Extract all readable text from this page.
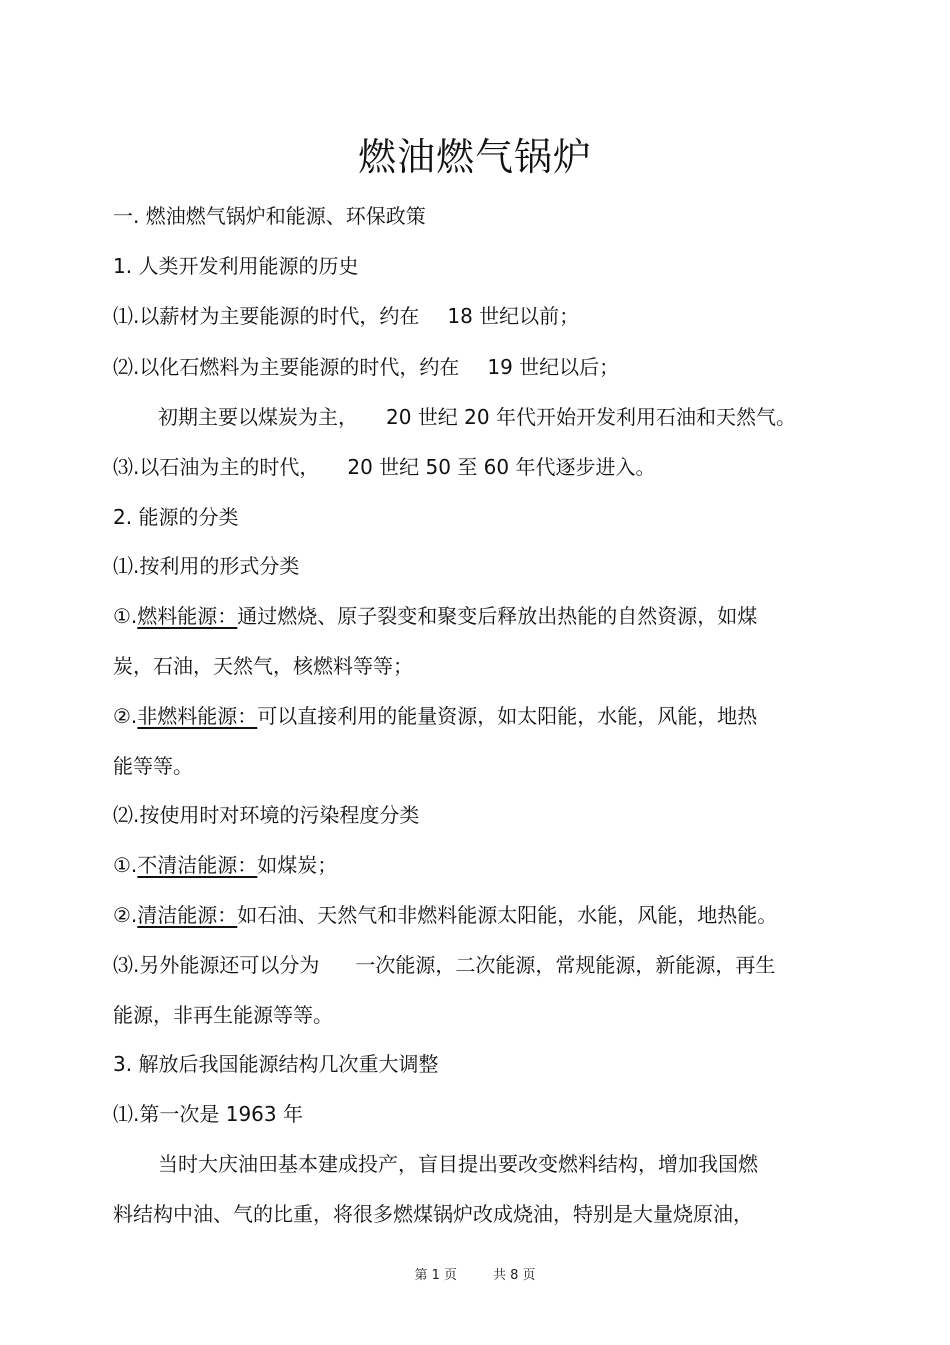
燃油燃气锅炉
一. 燃油燃气锅炉和能源、环保政策
1. 人类开发利用能源的历史
⑴.以薪材为主要能源的时代，约在 18 世纪以前；
⑵.以化石燃料为主要能源的时代，约在 19 世纪以后；
初期主要以煤炭为主， 20 世纪 20 年代开始开发利用石油和天然气。
⑶.以石油为主的时代， 20 世纪 50 至 60 年代逐步进入。
2. 能源的分类
⑴.按利用的形式分类
①.燃料能源：通过燃烧、原子裂变和聚变后释放出热能的自然资源，如煤
炭，石油，天然气，核燃料等等；
②.非燃料能源：可以直接利用的能量资源，如太阳能，水能，风能，地热
能等等。
⑵.按使用时对环境的污染程度分类
①.不清洁能源：如煤炭；
②.清洁能源：如石油、天然气和非燃料能源太阳能，水能，风能，地热能。
⑶.另外能源还可以分为 一次能源，二次能源，常规能源，新能源，再生
能源，非再生能源等等。
3. 解放后我国能源结构几次重大调整
⑴.第一次是 1963 年
当时大庆油田基本建成投产，盲目提出要改变燃料结构，增加我国燃
料结构中油、气的比重，将很多燃煤锅炉改成烧油，特别是大量烧原油，
第 1 页	共 8 页
